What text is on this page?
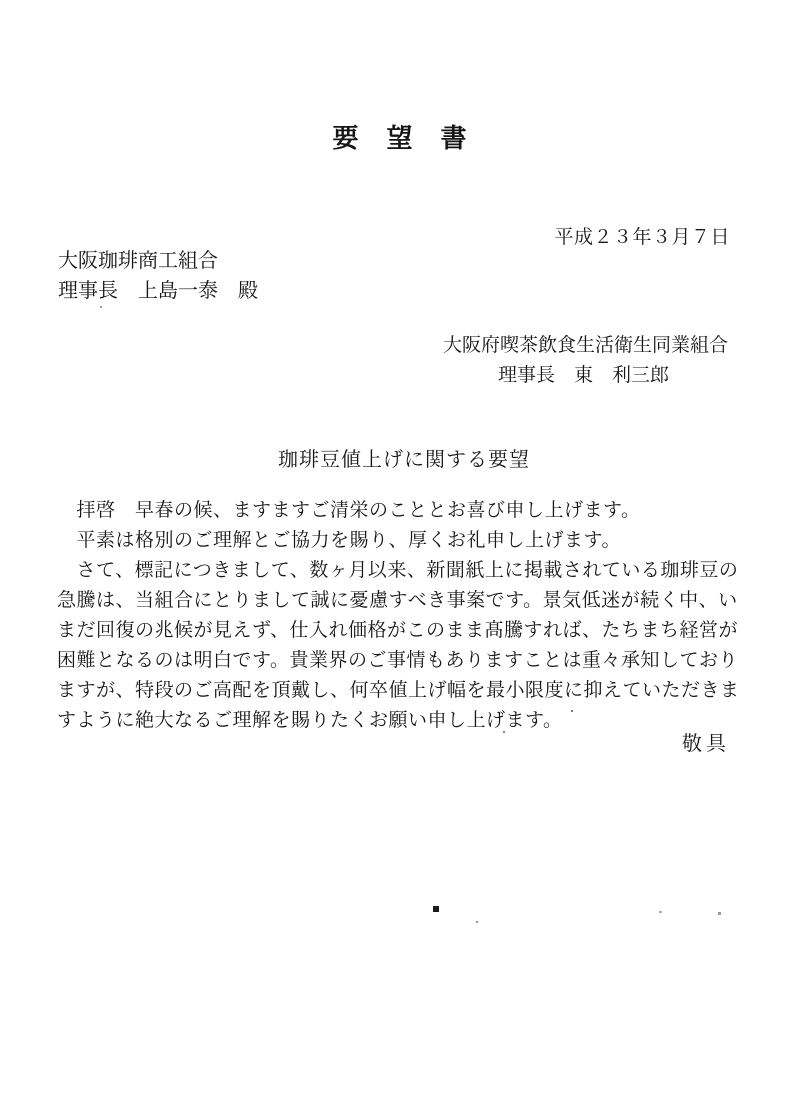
要　望　書
平成２３年３月７日
大阪珈琲商工組合
理事長　上島一泰　殿
大阪府喫茶飲食生活衛生同業組合
理事長　東　利三郎
珈琲豆値上げに関する要望
　拝啓　早春の候、ますますご清栄のこととお喜び申し上げます。
　平素は格別のご理解とご協力を賜り、厚くお礼申し上げます。
　さて、標記につきまして、数ヶ月以来、新聞紙上に掲載されている珈琲豆の
急騰は、当組合にとりまして誠に憂慮すべき事案です。景気低迷が続く中、い
まだ回復の兆候が見えず、仕入れ価格がこのまま髙騰すれば、たちまち経営が
困難となるのは明白です。貴業界のご事情もありますことは重々承知しており
ますが、特段のご高配を頂戴し、何卒値上げ幅を最小限度に抑えていただきま
すように絶大なるご理解を賜りたくお願い申し上げます。
敬具
